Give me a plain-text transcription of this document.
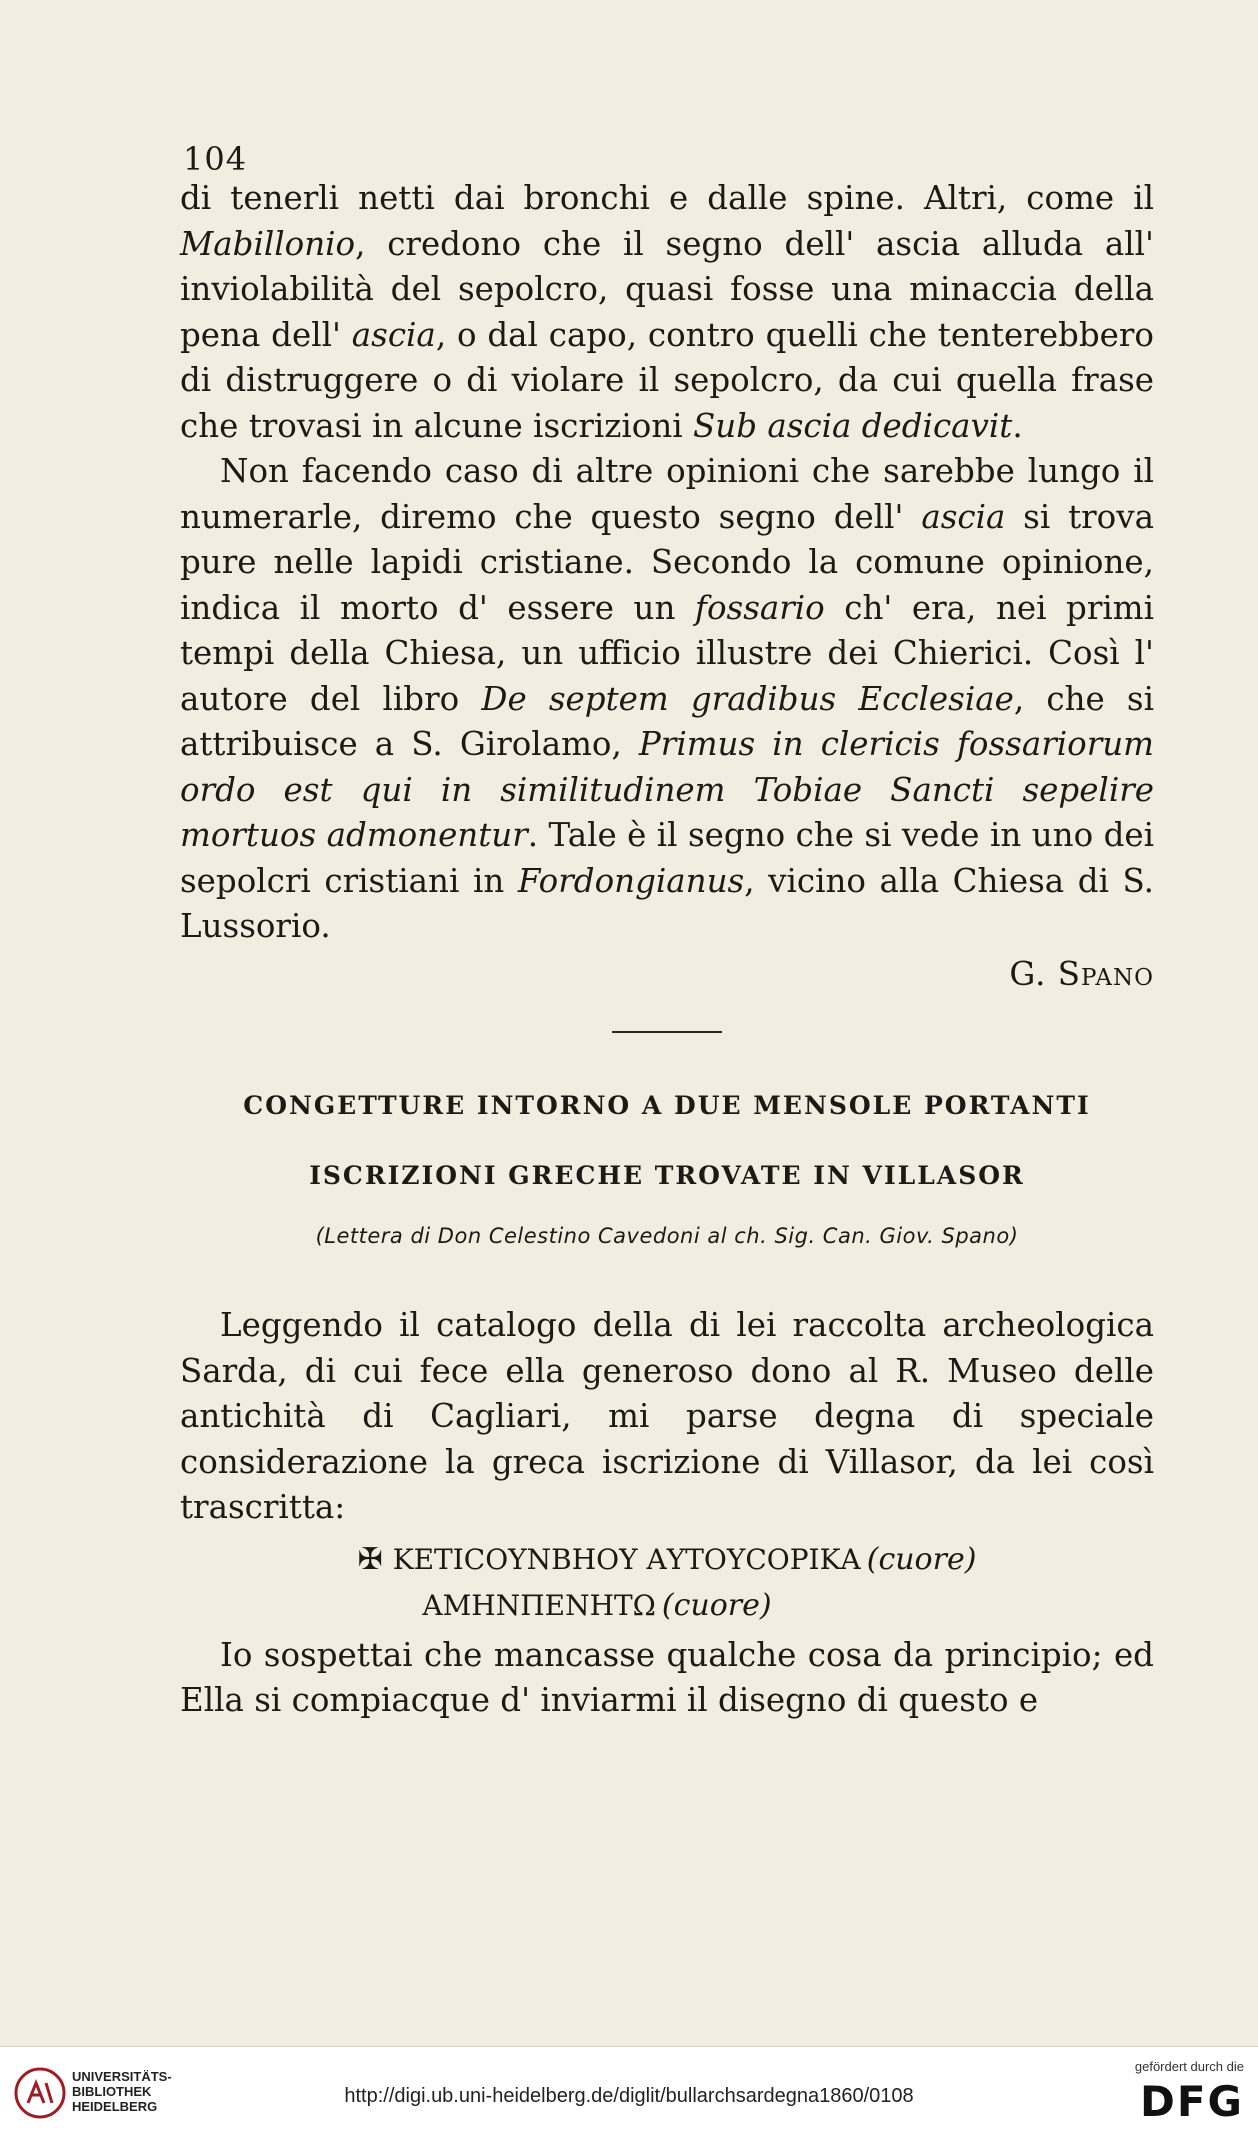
104

di tenerli netti dai bronchi e dalle spine. Altri, come il Mabillonio, credono che il segno dell' ascia alluda all' inviolabilità del sepolcro, quasi fosse una minaccia della pena dell' ascia, o dal capo, contro quelli che tenterebbero di distruggere o di violare il sepolcro, da cui quella frase che trovasi in alcune iscrizioni Sub ascia dedicavit.

Non facendo caso di altre opinioni che sarebbe lungo il numerarle, diremo che questo segno dell' ascia si trova pure nelle lapidi cristiane. Secondo la comune opinione, indica il morto d' essere un fossario ch' era, nei primi tempi della Chiesa, un ufficio illustre dei Chierici. Così l' autore del libro De septem gradibus Ecclesiae, che si attribuisce a S. Girolamo, Primus in clericis fossariorum ordo est qui in similitudinem Tobiae Sancti sepelire mortuos admonentur. Tale è il segno che si vede in uno dei sepolcri cristiani in Fordongianus, vicino alla Chiesa di S. Lussorio.

G. Spano

CONGETTURE INTORNO A DUE MENSOLE PORTANTI

ISCRIZIONI GRECHE TROVATE IN VILLASOR

(Lettera di Don Celestino Cavedoni al ch. Sig. Can. Giov. Spano)

Leggendo il catalogo della di lei raccolta archeologica Sarda, di cui fece ella generoso dono al R. Museo delle antichità di Cagliari, mi parse degna di speciale considerazione la greca iscrizione di Villasor, da lei così trascritta:

✠ ΚΕΤΙCΟΥΝΒΗΟΥ ΑΥΤΟΥCΟΡΙΚΑ (cuore)

ΑΜΗΝΠΕΝΗΤΩ (cuore)

Io sospettai che mancasse qualche cosa da principio; ed Ella si compiacque d' inviarmi il disegno di questo e

UNIVERSITÄTS-
BIBLIOTHEK
HEIDELBERG	http://digi.ub.uni-heidelberg.de/diglit/bullarchsardegna1860/0108
gefördert durch die
DFG
